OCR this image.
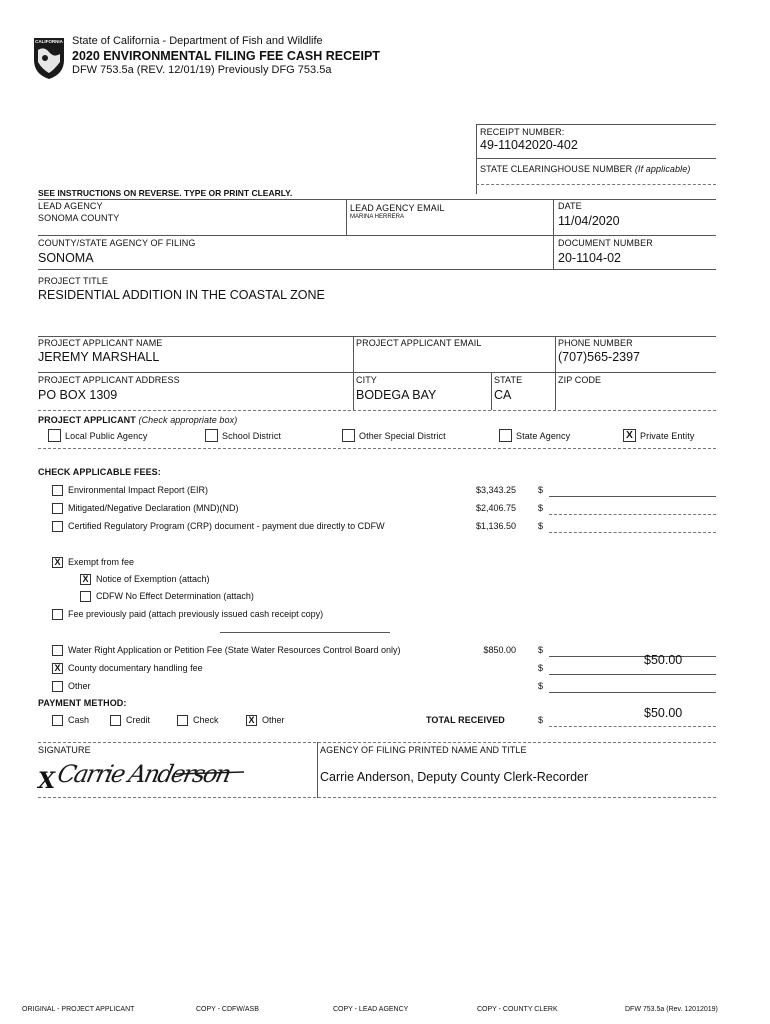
CALIFORNIA State of California - Department of Fish and Wildlife
2020 ENVIRONMENTAL FILING FEE CASH RECEIPT
DFW 753.5a (REV. 12/01/19) Previously DFG 753.5a
RECEIPT NUMBER:
49-11042020-402
STATE CLEARINGHOUSE NUMBER (If applicable)
SEE INSTRUCTIONS ON REVERSE. TYPE OR PRINT CLEARLY.
LEAD AGENCY
SONOMA COUNTY
LEAD AGENCY EMAIL
MARINA HERRERA
DATE
11/04/2020
COUNTY/STATE AGENCY OF FILING
SONOMA
DOCUMENT NUMBER
20-1104-02
PROJECT TITLE
RESIDENTIAL ADDITION IN THE COASTAL ZONE
PROJECT APPLICANT NAME
JEREMY MARSHALL
PROJECT APPLICANT EMAIL	PHONE NUMBER
(707)565-2397
PROJECT APPLICANT ADDRESS
PO BOX 1309
CITY
BODEGA BAY
STATE
CA
ZIP CODE
PROJECT APPLICANT (Check appropriate box)
Local Public Agency	School District	Other Special District	State Agency	X Private Entity
CHECK APPLICABLE FEES:
Environmental Impact Report (EIR)	$3,343.25 $
Mitigated/Negative Declaration (MND)(ND)	$2,406.75 $
Certified Regulatory Program (CRP) document - payment due directly to CDFW	$1,136.50 $
X Exempt from fee
X Notice of Exemption (attach)
CDFW No Effect Determination (attach)
Fee previously paid (attach previously issued cash receipt copy)
Water Right Application or Petition Fee (State Water Resources Control Board only)	$850.00 $
X County documentary handling fee	$
$50.00
Other	$
PAYMENT METHOD:
Cash	Credit	Check	X Other	TOTAL RECEIVED	$	$50.00
SIGNATURE
X Carrie Anderson
AGENCY OF FILING PRINTED NAME AND TITLE
Carrie Anderson, Deputy County Clerk-Recorder
ORIGINAL - PROJECT APPLICANT	COPY - CDFW/ASB	COPY - LEAD AGENCY	COPY - COUNTY CLERK	DFW 753.5a (Rev. 12012019)
